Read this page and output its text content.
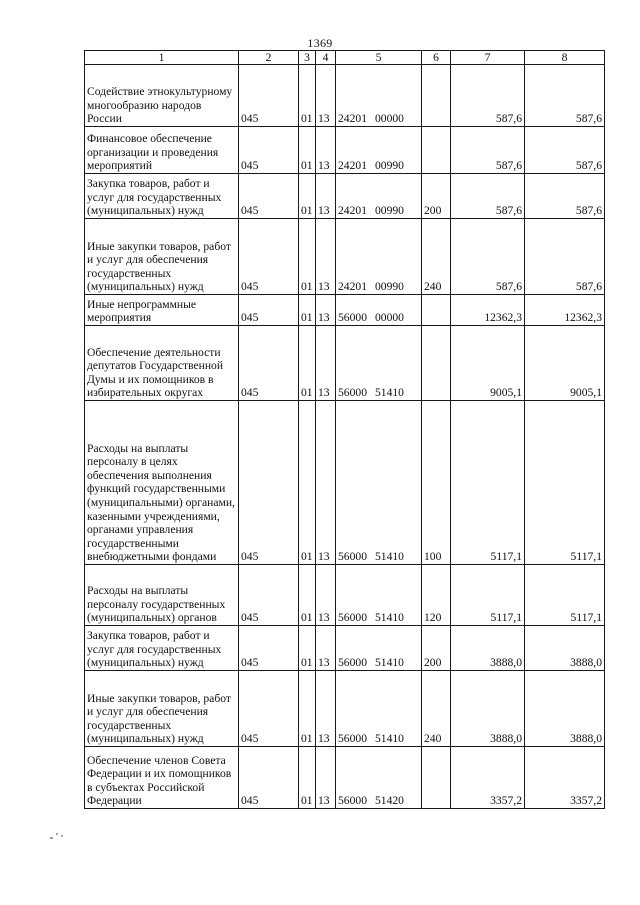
1369
1	2	3	4	5	6	7	8
Содействие этнокультурному многообразию народов России	045	01	13	24201 00000		587,6	587,6
Финансовое обеспечение организации и проведения мероприятий	045	01	13	24201 00990		587,6	587,6
Закупка товаров, работ и услуг для государственных (муниципальных) нужд	045	01	13	24201 00990	200	587,6	587,6
Иные закупки товаров, работ и услуг для обеспечения государственных (муниципальных) нужд	045	01	13	24201 00990	240	587,6	587,6
Иные непрограммные мероприятия	045	01	13	56000 00000		12362,3	12362,3
Обеспечение деятельности депутатов Государственной Думы и их помощников в избирательных округах	045	01	13	56000 51410		9005,1	9005,1
Расходы на выплаты персоналу в целях обеспечения выполнения функций государственными (муниципальными) органами, казенными учреждениями, органами управления государственными внебюджетными фондами	045	01	13	56000 51410	100	5117,1	5117,1
Расходы на выплаты персоналу государственных (муниципальных) органов	045	01	13	56000 51410	120	5117,1	5117,1
Закупка товаров, работ и услуг для государственных (муниципальных) нужд	045	01	13	56000 51410	200	3888,0	3888,0
Иные закупки товаров, работ и услуг для обеспечения государственных (муниципальных) нужд	045	01	13	56000 51410	240	3888,0	3888,0
Обеспечение членов Совета Федерации и их помощников в субъектах Российской Федерации	045	01	13	56000 51420		3357,2	3357,2
